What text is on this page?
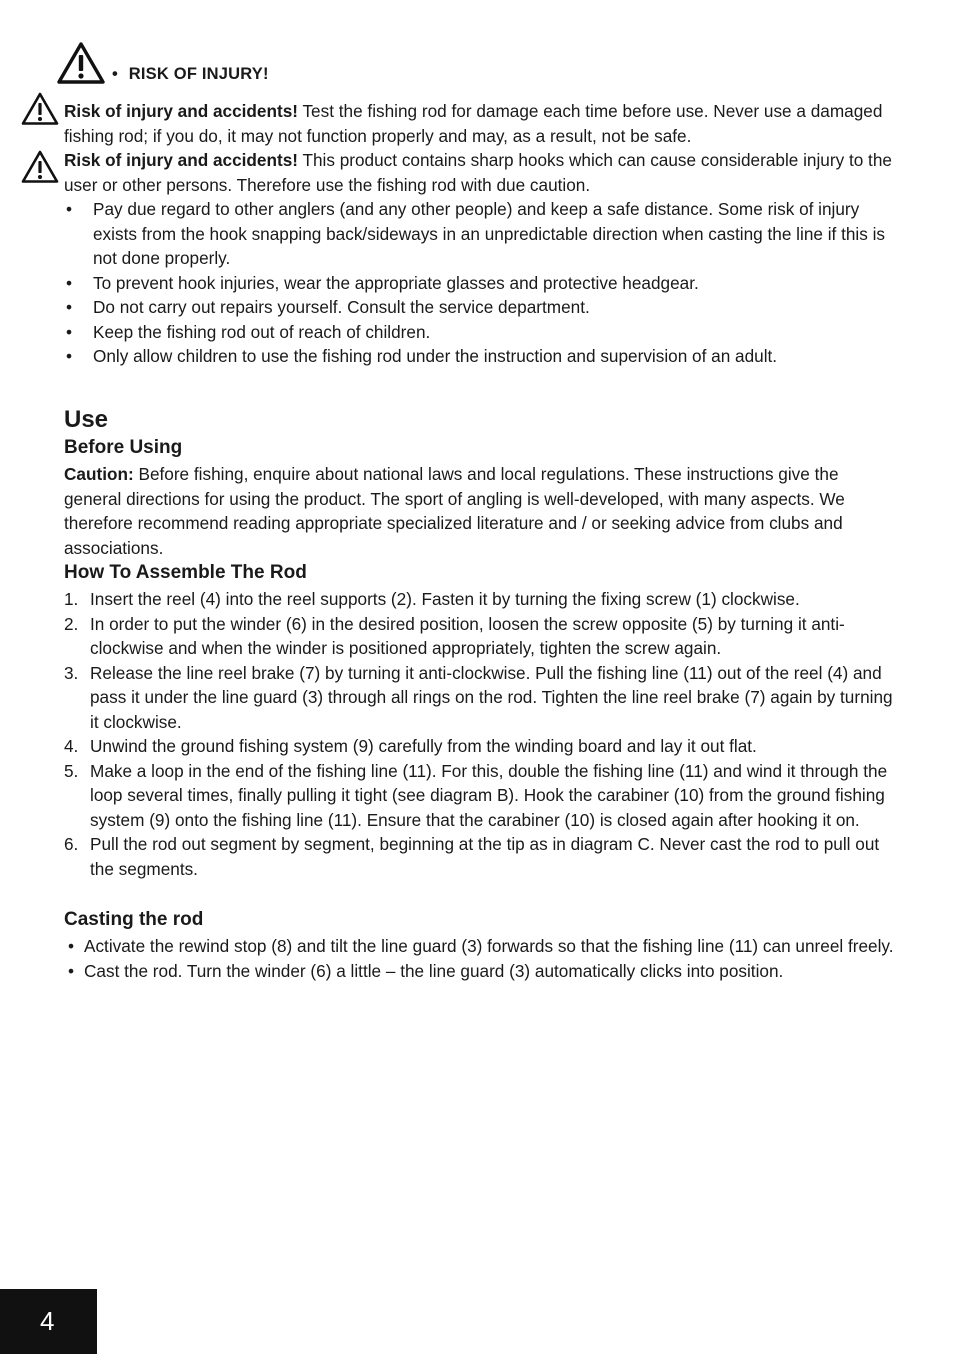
• RISK OF INJURY!
Risk of injury and accidents! Test the fishing rod for damage each time before use. Never use a damaged fishing rod; if you do, it may not function properly and may, as a result, not be safe.
Risk of injury and accidents! This product contains sharp hooks which can cause considerable injury to the user or other persons. Therefore use the fishing rod with due caution.
• Pay due regard to other anglers (and any other people) and keep a safe distance. Some risk of injury exists from the hook snapping back/sideways in an unpredictable direction when casting the line if this is not done properly.
• To prevent hook injuries, wear the appropriate glasses and protective headgear.
• Do not carry out repairs yourself. Consult the service department.
• Keep the fishing rod out of reach of children.
• Only allow children to use the fishing rod under the instruction and supervision of an adult.
Use
Before Using
Caution: Before fishing, enquire about national laws and local regulations. These instructions give the general directions for using the product. The sport of angling is well-developed, with many aspects. We therefore recommend reading appropriate specialized literature and / or seeking advice from clubs and associations.
How To Assemble The Rod
1. Insert the reel (4) into the reel supports (2). Fasten it by turning the fixing screw (1) clockwise.
2. In order to put the winder (6) in the desired position, loosen the screw opposite (5) by turning it anti-clockwise and when the winder is positioned appropriately, tighten the screw again.
3. Release the line reel brake (7) by turning it anti-clockwise. Pull the fishing line (11) out of the reel (4) and pass it under the line guard (3) through all rings on the rod. Tighten the line reel brake (7) again by turning it clockwise.
4. Unwind the ground fishing system (9) carefully from the winding board and lay it out flat.
5. Make a loop in the end of the fishing line (11). For this, double the fishing line (11) and wind it through the loop several times, finally pulling it tight (see diagram B). Hook the carabiner (10) from the ground fishing system (9) onto the fishing line (11). Ensure that the carabiner (10) is closed again after hooking it on.
6. Pull the rod out segment by segment, beginning at the tip as in diagram C. Never cast the rod to pull out the segments.
Casting the rod
• Activate the rewind stop (8) and tilt the line guard (3) forwards so that the fishing line (11) can unreel freely.
• Cast the rod. Turn the winder (6) a little – the line guard (3) automatically clicks into position.
4
